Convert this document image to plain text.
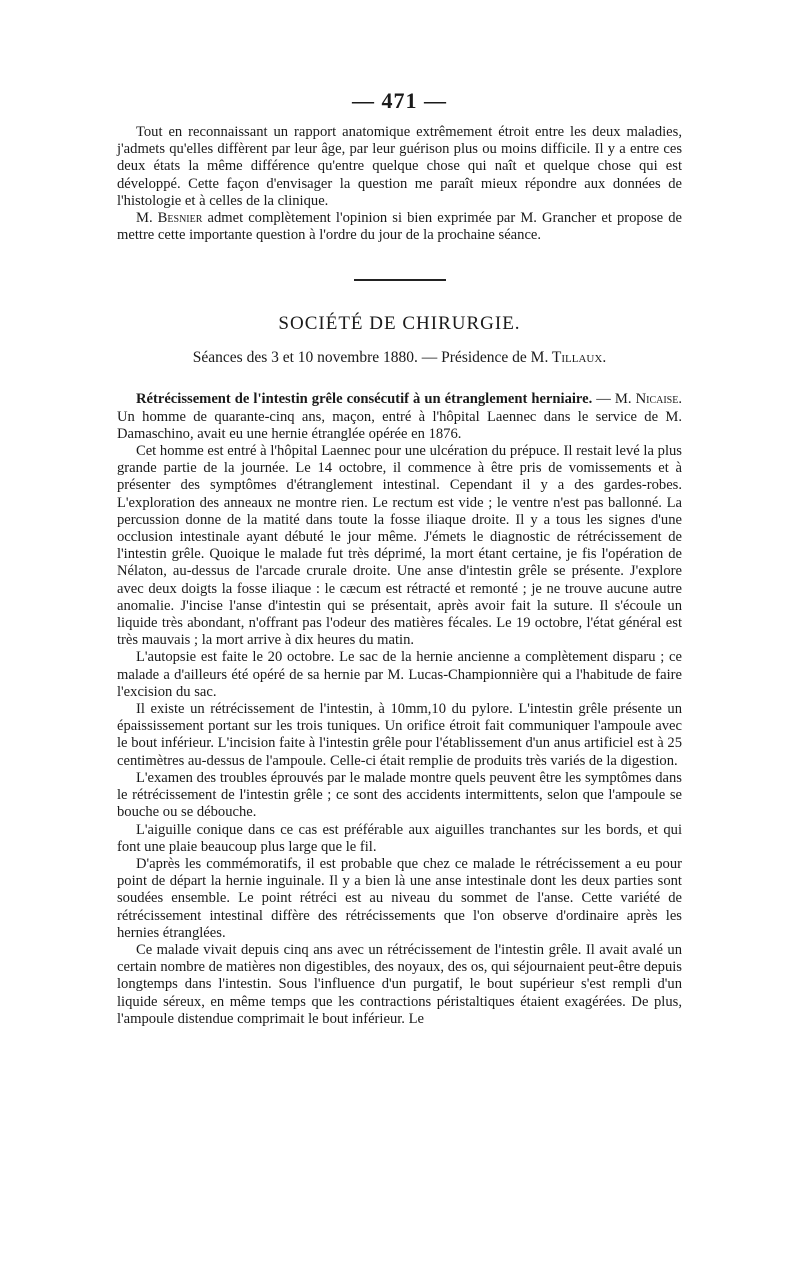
— 471 —

Tout en reconnaissant un rapport anatomique extrêmement étroit entre les deux maladies, j'admets qu'elles diffèrent par leur âge, par leur guérison plus ou moins difficile. Il y a entre ces deux états la même différence qu'entre quelque chose qui naît et quelque chose qui est développé. Cette façon d'envisager la question me paraît mieux répondre aux données de l'histologie et à celles de la clinique.

M. Besnier admet complètement l'opinion si bien exprimée par M. Grancher et propose de mettre cette importante question à l'ordre du jour de la prochaine séance.

SOCIÉTÉ DE CHIRURGIE.
Séances des 3 et 10 novembre 1880. — Présidence de M. Tillaux.

Rétrécissement de l'intestin grêle consécutif à un étranglement herniaire. — M. Nicaise. Un homme de quarante-cinq ans, maçon, entré à l'hôpital Laennec dans le service de M. Damaschino, avait eu une hernie étranglée opérée en 1876.

Cet homme est entré à l'hôpital Laennec pour une ulcération du prépuce. Il restait levé la plus grande partie de la journée. Le 14 octobre, il commence à être pris de vomissements et à présenter des symptômes d'étranglement intestinal. Cependant il y a des gardes-robes. L'exploration des anneaux ne montre rien. Le rectum est vide ; le ventre n'est pas ballonné. La percussion donne de la matité dans toute la fosse iliaque droite. Il y a tous les signes d'une occlusion intestinale ayant débuté le jour même. J'émets le diagnostic de rétrécissement de l'intestin grêle. Quoique le malade fut très déprimé, la mort étant certaine, je fis l'opération de Nélaton, au-dessus de l'arcade crurale droite. Une anse d'intestin grêle se présente. J'explore avec deux doigts la fosse iliaque : le cæcum est rétracté et remonté ; je ne trouve aucune autre anomalie. J'incise l'anse d'intestin qui se présentait, après avoir fait la suture. Il s'écoule un liquide très abondant, n'offrant pas l'odeur des matières fécales. Le 19 octobre, l'état général est très mauvais ; la mort arrive à dix heures du matin.

L'autopsie est faite le 20 octobre. Le sac de la hernie ancienne a complètement disparu ; ce malade a d'ailleurs été opéré de sa hernie par M. Lucas-Championnière qui a l'habitude de faire l'excision du sac.

Il existe un rétrécissement de l'intestin, à 10mm,10 du pylore. L'intestin grêle présente un épaississement portant sur les trois tuniques. Un orifice étroit fait communiquer l'ampoule avec le bout inférieur. L'incision faite à l'intestin grêle pour l'établissement d'un anus artificiel est à 25 centimètres au-dessus de l'ampoule. Celle-ci était remplie de produits très variés de la digestion.

L'examen des troubles éprouvés par le malade montre quels peuvent être les symptômes dans le rétrécissement de l'intestin grêle ; ce sont des accidents intermittents, selon que l'ampoule se bouche ou se débouche.

L'aiguille conique dans ce cas est préférable aux aiguilles tranchantes sur les bords, et qui font une plaie beaucoup plus large que le fil.

D'après les commémoratifs, il est probable que chez ce malade le rétrécissement a eu pour point de départ la hernie inguinale. Il y a bien là une anse intestinale dont les deux parties sont soudées ensemble. Le point rétréci est au niveau du sommet de l'anse. Cette variété de rétrécissement intestinal diffère des rétrécissements que l'on observe d'ordinaire après les hernies étranglées.

Ce malade vivait depuis cinq ans avec un rétrécissement de l'intestin grêle. Il avait avalé un certain nombre de matières non digestibles, des noyaux, des os, qui séjournaient peut-être depuis longtemps dans l'intestin. Sous l'influence d'un purgatif, le bout supérieur s'est rempli d'un liquide séreux, en même temps que les contractions péristaltiques étaient exagérées. De plus, l'ampoule distendue comprimait le bout inférieur. Le
